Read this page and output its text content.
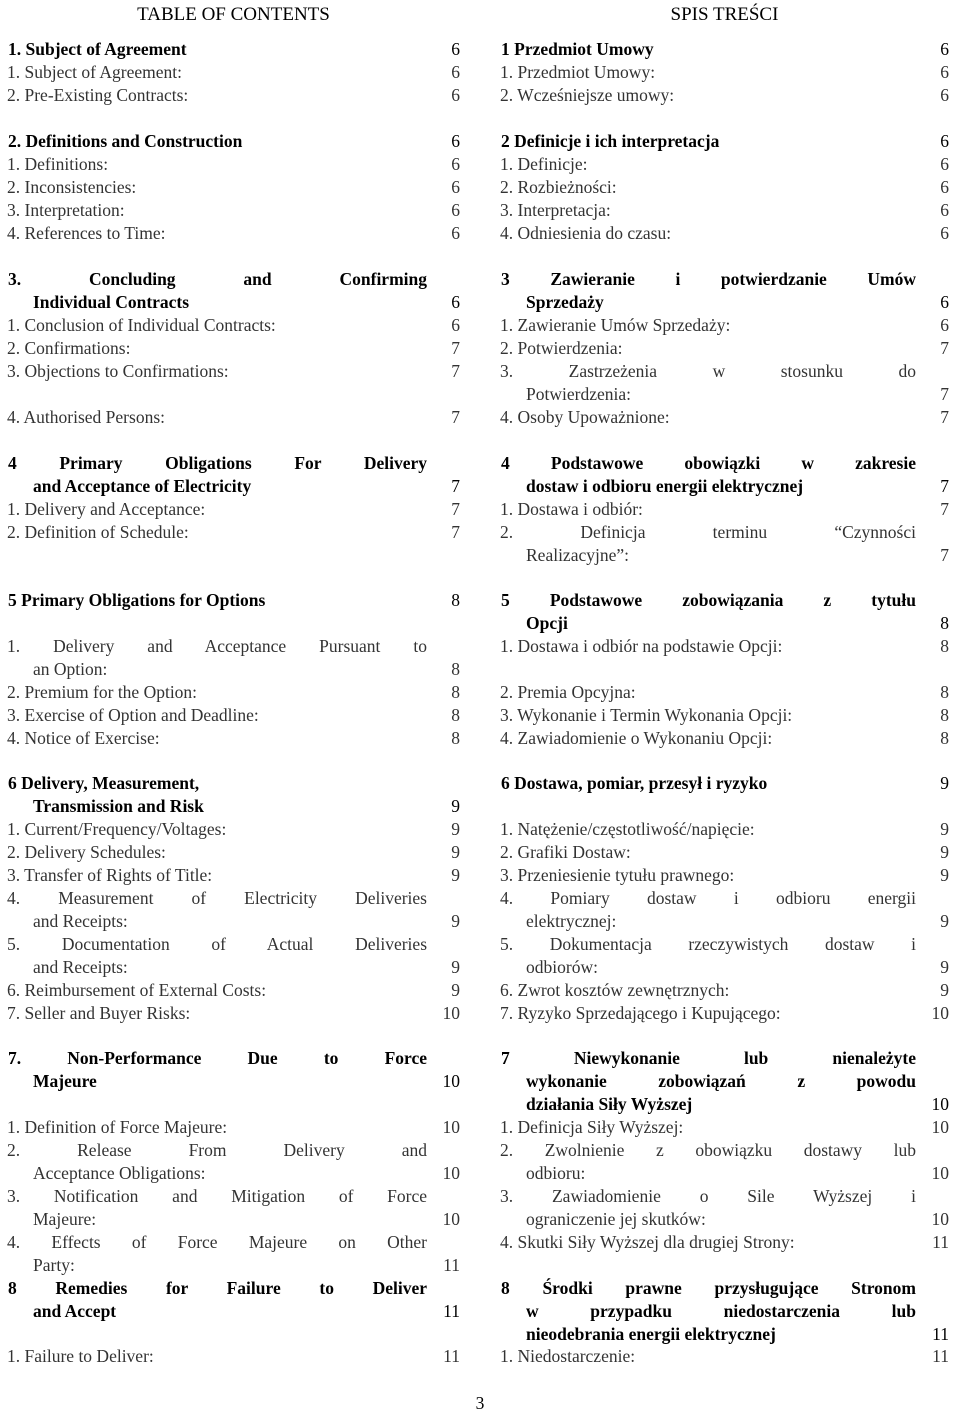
TABLE OF CONTENTS
1. Subject of Agreement	6
1. Subject of Agreement:	6
2. Pre-Existing Contracts:	6
2. Definitions and Construction	6
1. Definitions:	6
2. Inconsistencies:	6
3. Interpretation:	6
4. References to Time:	6
3. Concluding and Confirming
Individual Contracts	6
1. Conclusion of Individual Contracts:	6
2. Confirmations:	7
3. Objections to Confirmations:	7
4. Authorised Persons:	7
4 Primary Obligations For Delivery
and Acceptance of Electricity	7
1. Delivery and Acceptance:	7
2. Definition of Schedule:	7
5 Primary Obligations for Options	8
1. Delivery and Acceptance Pursuant to
an Option:	8
2. Premium for the Option:	8
3. Exercise of Option and Deadline:	8
4. Notice of Exercise:	8
6 Delivery, Measurement,
Transmission and Risk	9
1. Current/Frequency/Voltages:	9
2. Delivery Schedules:	9
3. Transfer of Rights of Title:	9
4. Measurement of Electricity Deliveries
and Receipts:	9
5. Documentation of Actual Deliveries
and Receipts:	9
6. Reimbursement of External Costs:	9
7. Seller and Buyer Risks:	10
7. Non-Performance Due to Force
Majeure	10
1. Definition of Force Majeure:	10
2. Release From Delivery and
Acceptance Obligations:	10
3. Notification and Mitigation of Force
Majeure:	10
4. Effects of Force Majeure on Other
Party:	11
8 Remedies for Failure to Deliver
and Accept	11
1. Failure to Deliver:	11
SPIS TREŚCI
1 Przedmiot Umowy	6
1. Przedmiot Umowy:	6
2. Wcześniejsze umowy:	6
2 Definicje i ich interpretacja	6
1. Definicje:	6
2. Rozbieżności:	6
3. Interpretacja:	6
4. Odniesienia do czasu:	6
3 Zawieranie i potwierdzanie Umów
Sprzedaży	6
1. Zawieranie Umów Sprzedaży:	6
2. Potwierdzenia:	7
3. Zastrzeżenia w stosunku do
Potwierdzenia:	7
4. Osoby Upoważnione:	7
4 Podstawowe obowiązki w zakresie
dostaw i odbioru energii elektrycznej	7
1. Dostawa i odbiór:	7
2. Definicja terminu “Czynności
Realizacyjne”:	7
5 Podstawowe zobowiązania z tytułu
Opcji	8
1. Dostawa i odbiór na podstawie Opcji:	8
2. Premia Opcyjna:	8
3. Wykonanie i Termin Wykonania Opcji:	8
4. Zawiadomienie o Wykonaniu Opcji:	8
6 Dostawa, pomiar, przesył i ryzyko	9
1. Natężenie/częstotliwość/napięcie:	9
2. Grafiki Dostaw:	9
3. Przeniesienie tytułu prawnego:	9
4. Pomiary dostaw i odbioru energii
elektrycznej:	9
5. Dokumentacja rzeczywistych dostaw i
odbiorów:	9
6. Zwrot kosztów zewnętrznych:	9
7. Ryzyko Sprzedającego i Kupującego:	10
7 Niewykonanie lub nienależyte
wykonanie zobowiązań z powodu
działania Siły Wyższej	10
1. Definicja Siły Wyższej:	10
2. Zwolnienie z obowiązku dostawy lub
odbioru:	10
3. Zawiadomienie o Sile Wyższej i
ograniczenie jej skutków:	10
4. Skutki Siły Wyższej dla drugiej Strony:	11
8 Środki prawne przysługujące Stronom
w przypadku niedostarczenia lub
nieodebrania energii elektrycznej	11
1. Niedostarczenie:	11
3
